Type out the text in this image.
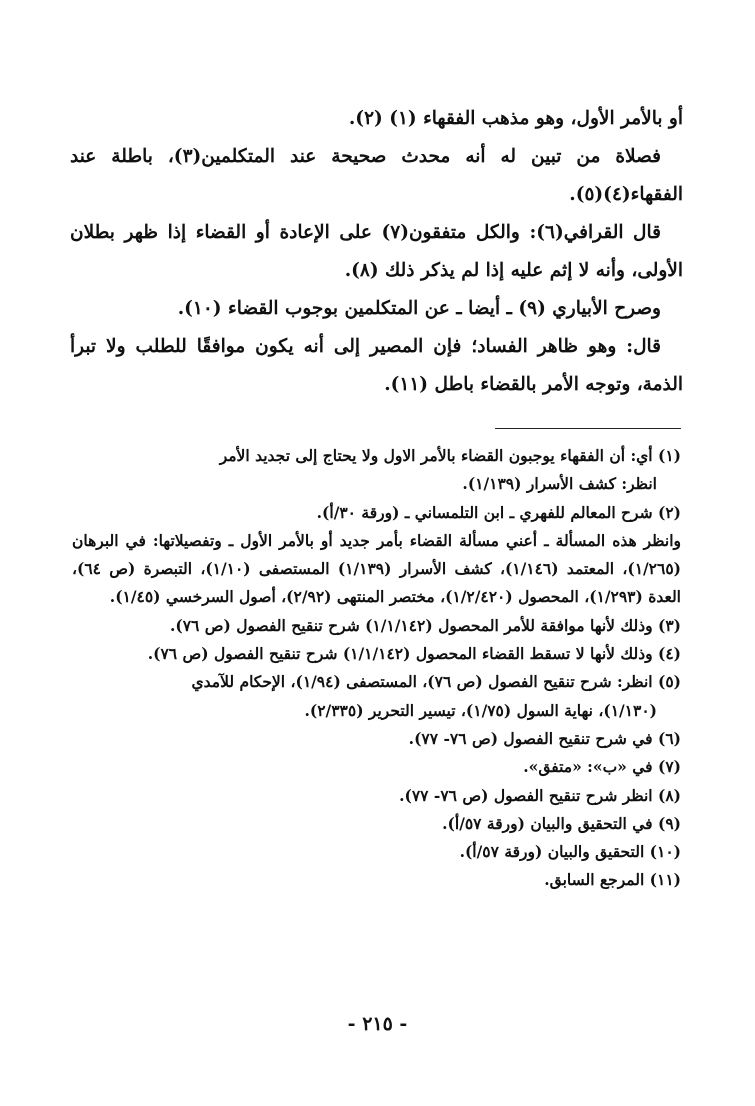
أو بالأمر الأول، وهو مذهب الفقهاء (١) (٢).

فصلاة من تبين له أنه محدث صحيحة عند المتكلمين(٣)، باطلة عند الفقهاء(٤)(٥).

قال القرافي(٦): والكل متفقون(٧) على الإعادة أو القضاء إذا ظهر بطلان الأولى، وأنه لا إثم عليه إذا لم يذكر ذلك (٨).

وصرح الأبياري (٩) ـ أيضا ـ عن المتكلمين بوجوب القضاء (١٠).

قال: وهو ظاهر الفساد؛ فإن المصير إلى أنه يكون موافقًا للطلب ولا تبرأ الذمة، وتوجه الأمر بالقضاء باطل (١١).

(١) أي: أن الفقهاء يوجبون القضاء بالأمر الاول ولا يحتاج إلى تجديد الأمر

انظر: كشف الأسرار (١/١٣٩).

(٢) شرح المعالم للفهري ـ ابن التلمساني ـ (ورقة ٣٠/أ).

وانظر هذه المسألة ـ أعني مسألة القضاء بأمر جديد أو بالأمر الأول ـ وتفصيلاتها: في البرهان (١/٢٦٥)، المعتمد (١/١٤٦)، كشف الأسرار (١/١٣٩) المستصفى (١/١٠)، التبصرة (ص ٦٤)، العدة (١/٢٩٣)، المحصول (١/٢/٤٢٠)، مختصر المنتهى (٢/٩٢)، أصول السرخسي (١/٤٥).

(٣) وذلك لأنها موافقة للأمر المحصول (١/١/١٤٢) شرح تنقيح الفصول (ص ٧٦).

(٤) وذلك لأنها لا تسقط القضاء المحصول (١/١/١٤٢) شرح تنقيح الفصول (ص ٧٦).

(٥) انظر: شرح تنقيح الفصول (ص ٧٦)، المستصفى (١/٩٤)، الإحكام للآمدي

(١/١٣٠)، نهاية السول (١/٧٥)، تيسير التحرير (٢/٣٣٥).

(٦) في شرح تنقيح الفصول (ص ٧٦- ٧٧).

(٧) في «ب»: «متفق».

(٨) انظر شرح تنقيح الفصول (ص ٧٦- ٧٧).

(٩) في التحقيق والبيان (ورقة ٥٧/أ).

(١٠) التحقيق والبيان (ورقة ٥٧/أ).

(١١) المرجع السابق.

- ٢١٥ -
